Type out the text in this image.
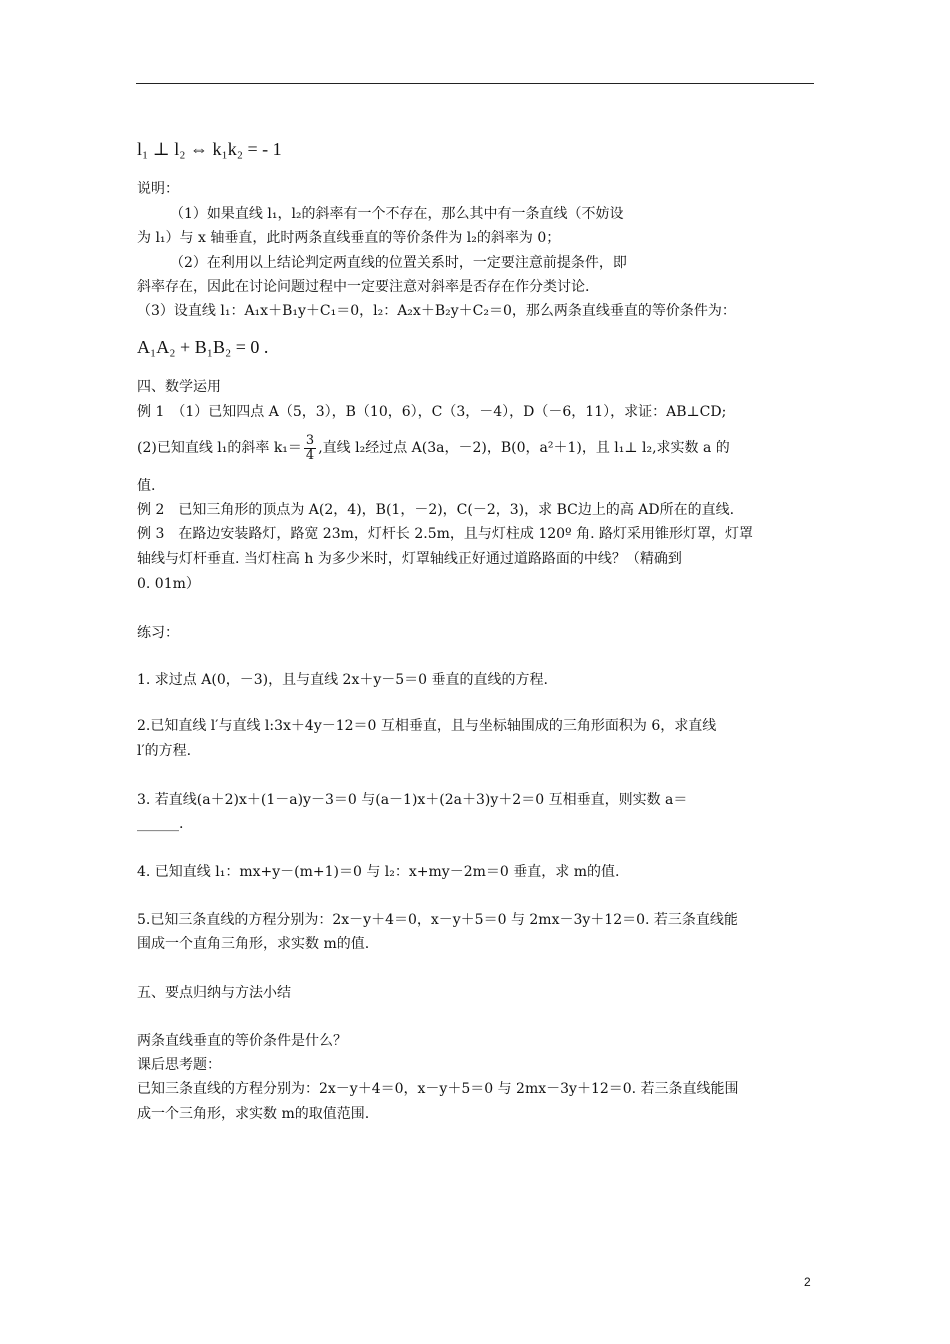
l₁ ⊥ l₂ ⇔ k₁k₂ = - 1
说明：
（1）如果直线 l₁，l₂的斜率有一个不存在，那么其中有一条直线（不妨设
为 l₁）与 x 轴垂直，此时两条直线垂直的等价条件为 l₂的斜率为 0；
（2）在利用以上结论判定两直线的位置关系时，一定要注意前提条件，即
斜率存在，因此在讨论问题过程中一定要注意对斜率是否存在作分类讨论.
（3）设直线 l₁：A₁x＋B₁y＋C₁＝0，l₂：A₂x＋B₂y＋C₂＝0，那么两条直线垂直的等价条件为：
A₁A₂ + B₁B₂ = 0 .
四、数学运用
例 1　（1）已知四点 A（5，3），B（10，6），C（3，－4），D（－6，11），求证：AB⊥CD;
(2)已知直线 l₁的斜率 $k_1= \frac{3}{4}$ ,直线 l₂经过点 A(3a，－2)，B(0，a²＋1)，且 l₁⊥ l₂,求实数 a 的
值.
例 2　已知三角形的顶点为 A(2，4)，B(1，－2)，C(－2，3)，求 BC边上的高 AD所在的直线.
例 3　在路边安装路灯，路宽 23m，灯杆长 2.5m，且与灯柱成 120º 角. 路灯采用锥形灯罩，灯罩
轴线与灯杆垂直. 当灯柱高 h 为多少米时，灯罩轴线正好通过道路路面的中线？（精确到
0. 01m）
练习：
1. 求过点 A(0，－3)，且与直线 2x＋y－5＝0 垂直的直线的方程.
2.已知直线 l′与直线 l:3x＋4y－12＝0 互相垂直，且与坐标轴围成的三角形面积为 6，求直线
l′的方程.
3. 若直线(a＋2)x＋(1－a)y－3＝0 与(a－1)x＋(2a＋3)y＋2＝0 互相垂直，则实数 a＝
______.
4. 已知直线 l₁：mx+y－(m+1)＝0 与 l₂：x+my－2m＝0 垂直，求 m的值.
5.已知三条直线的方程分别为：2x－y＋4＝0，x－y＋5＝0 与 2mx－3y＋12＝0. 若三条直线能
围成一个直角三角形，求实数 m的值.
五、要点归纳与方法小结
两条直线垂直的等价条件是什么？
课后思考题：
已知三条直线的方程分别为：2x－y＋4＝0，x－y＋5＝0 与 2mx－3y＋12＝0. 若三条直线能围
成一个三角形，求实数 m的取值范围.
2
